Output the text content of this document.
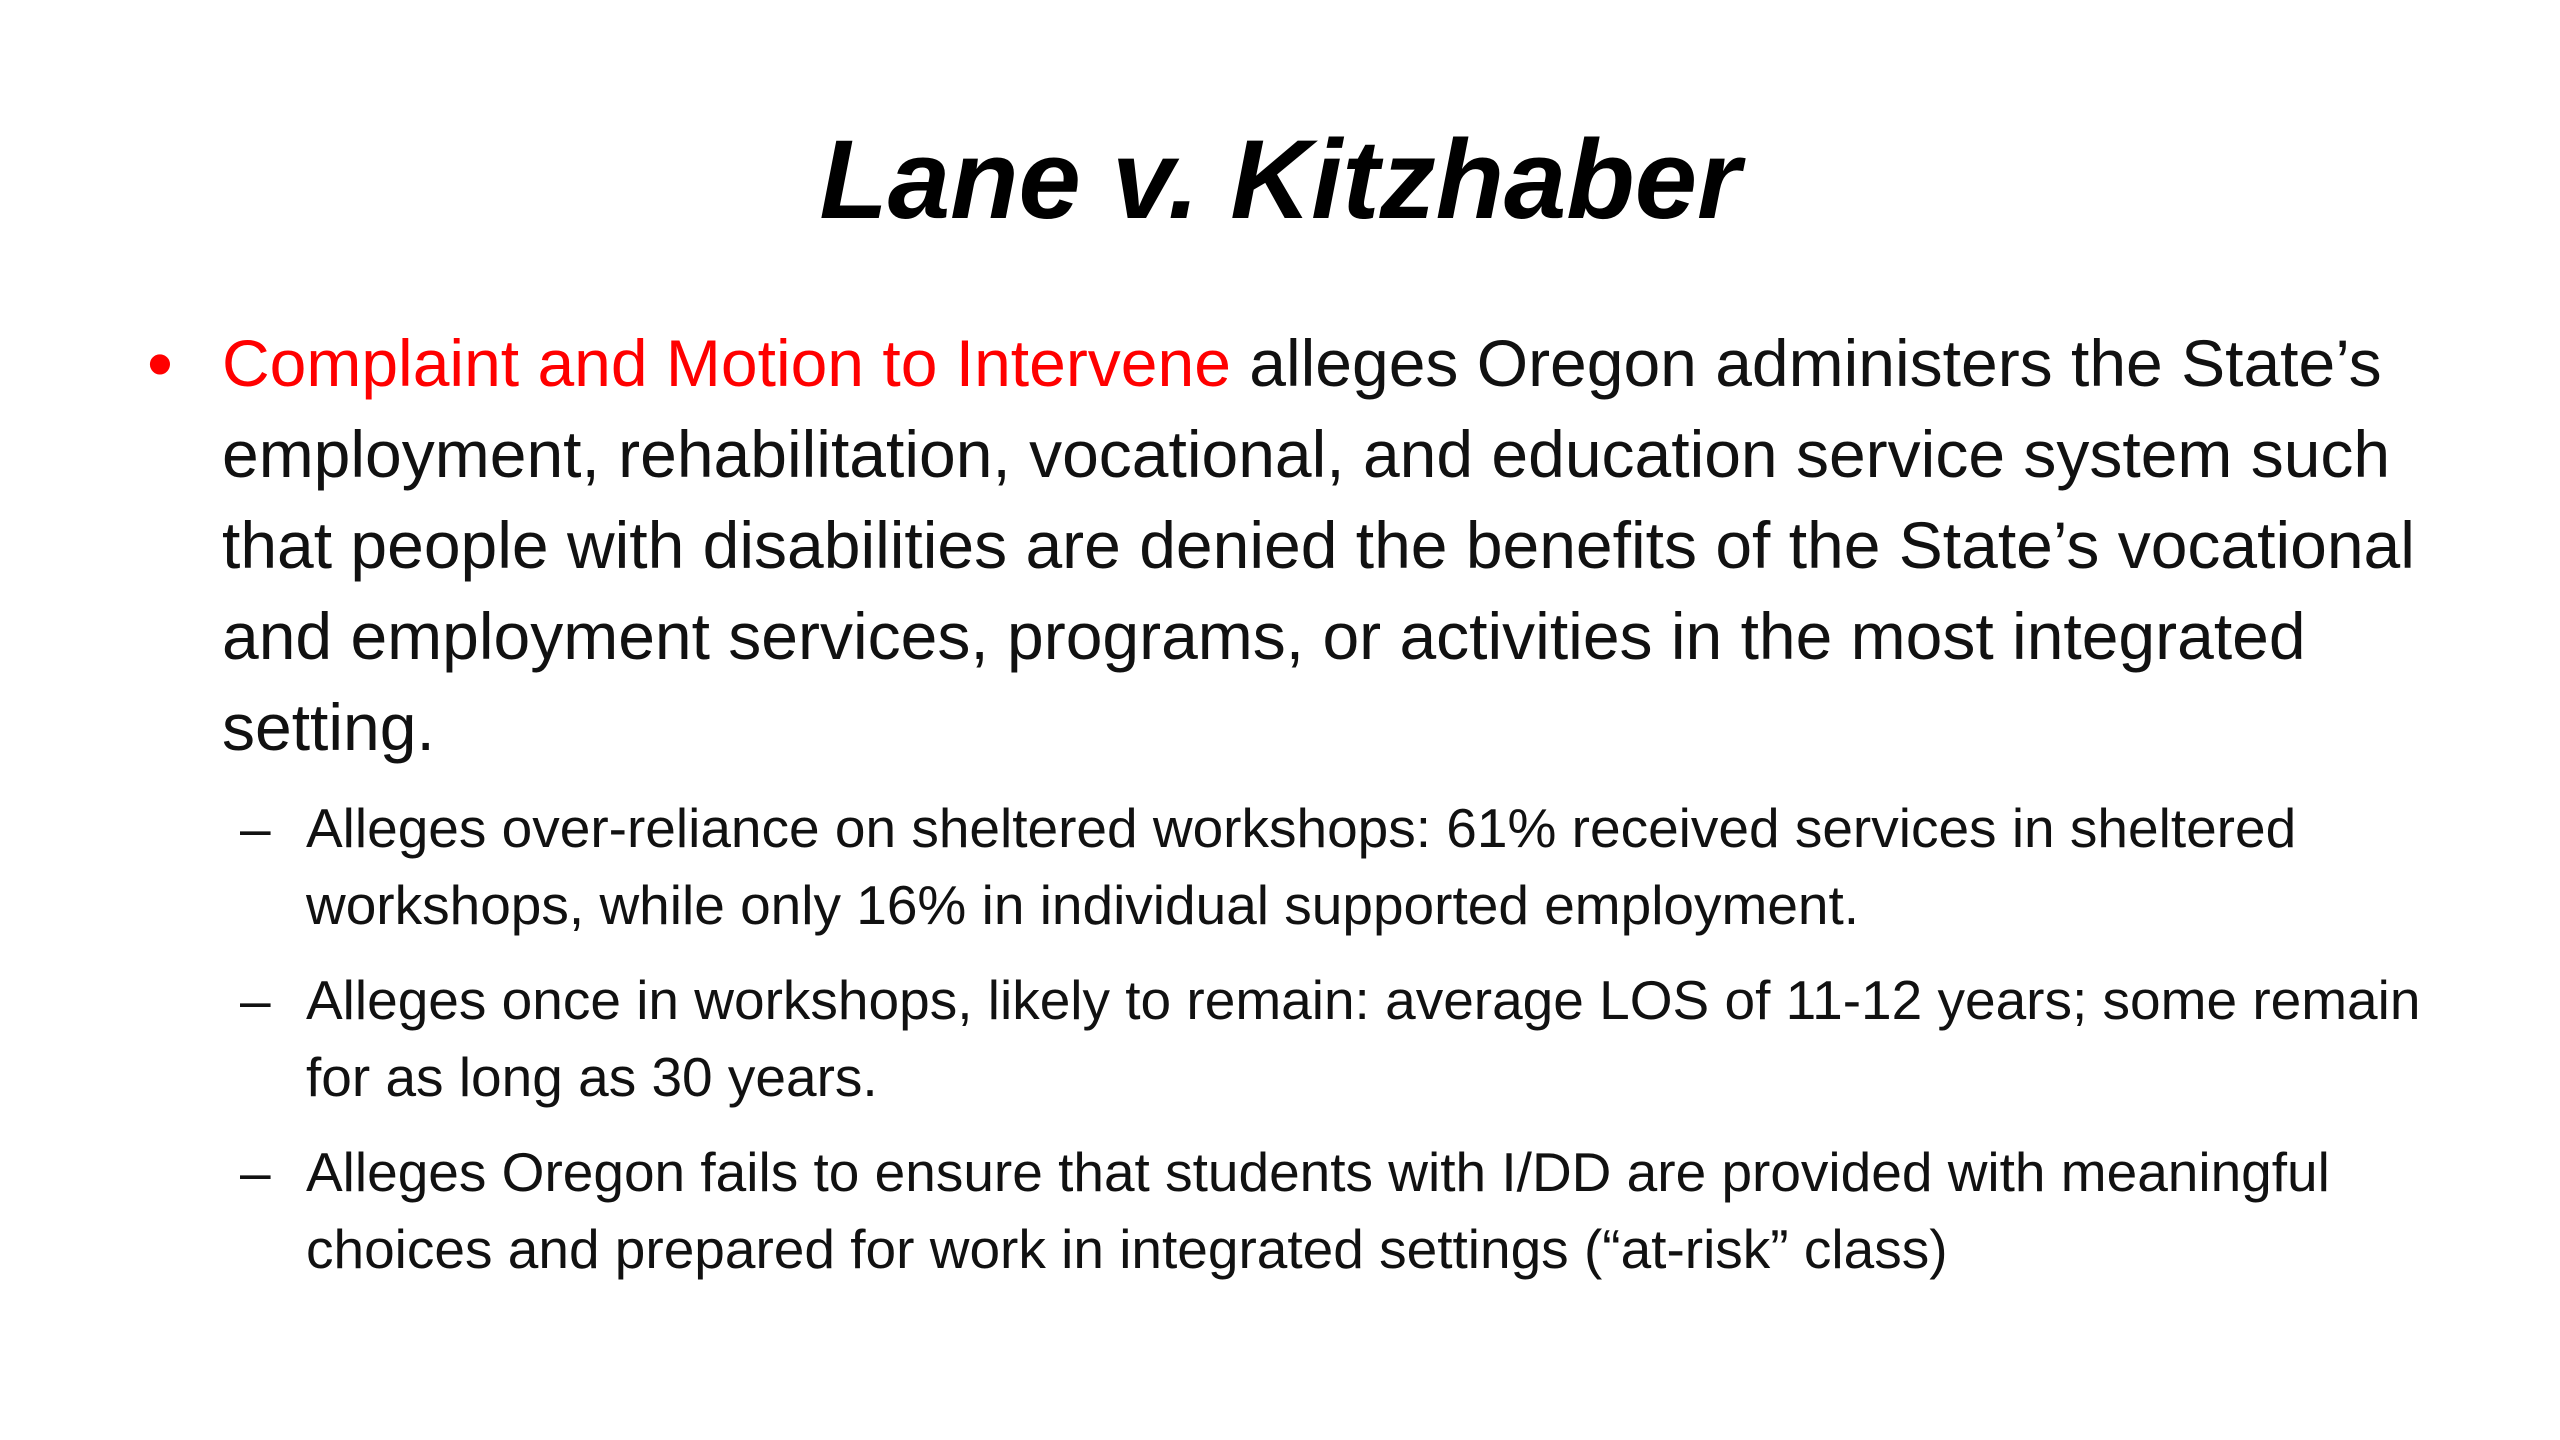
Lane v. Kitzhaber
• Complaint and Motion to Intervene alleges Oregon administers the State’s employment, rehabilitation, vocational, and education service system such that people with disabilities are denied the benefits of the State’s vocational and employment services, programs, or activities in the most integrated setting.
– Alleges over-reliance on sheltered workshops: 61% received services in sheltered workshops, while only 16% in individual supported employment.
– Alleges once in workshops, likely to remain: average LOS of 11-12 years; some remain for as long as 30 years.
– Alleges Oregon fails to ensure that students with I/DD are provided with meaningful choices and prepared for work in integrated settings (“at-risk” class)
